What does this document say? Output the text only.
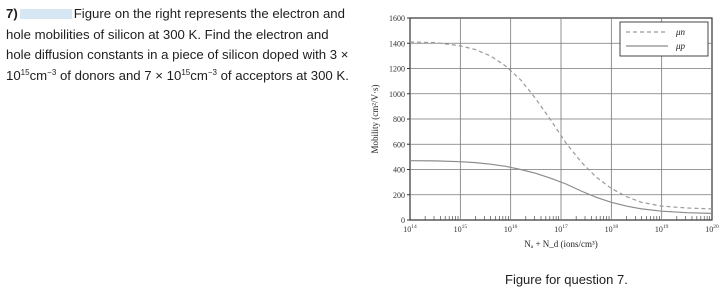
7)	Figure on the right represents the electron and
hole mobilities of silicon at 300 K. Find the electron and
hole diffusion constants in a piece of silicon doped with 3 ×
$10^{15}cm^{-3}$ of donors and $7 \times 10^{15}cm^{-3}$ of acceptors at 300 K.
0
200
400
600
800
1000
1200
1400
1600
$10^{14}$	$10^{15}$	$10^{16}$	$10^{17}$	$10^{18}$	$10^{19}$	$10^{20}$
Nₐ + N_d (ions/cm³)
Mobility (cm²/V·s)
μn
μp
Figure for question 7.
